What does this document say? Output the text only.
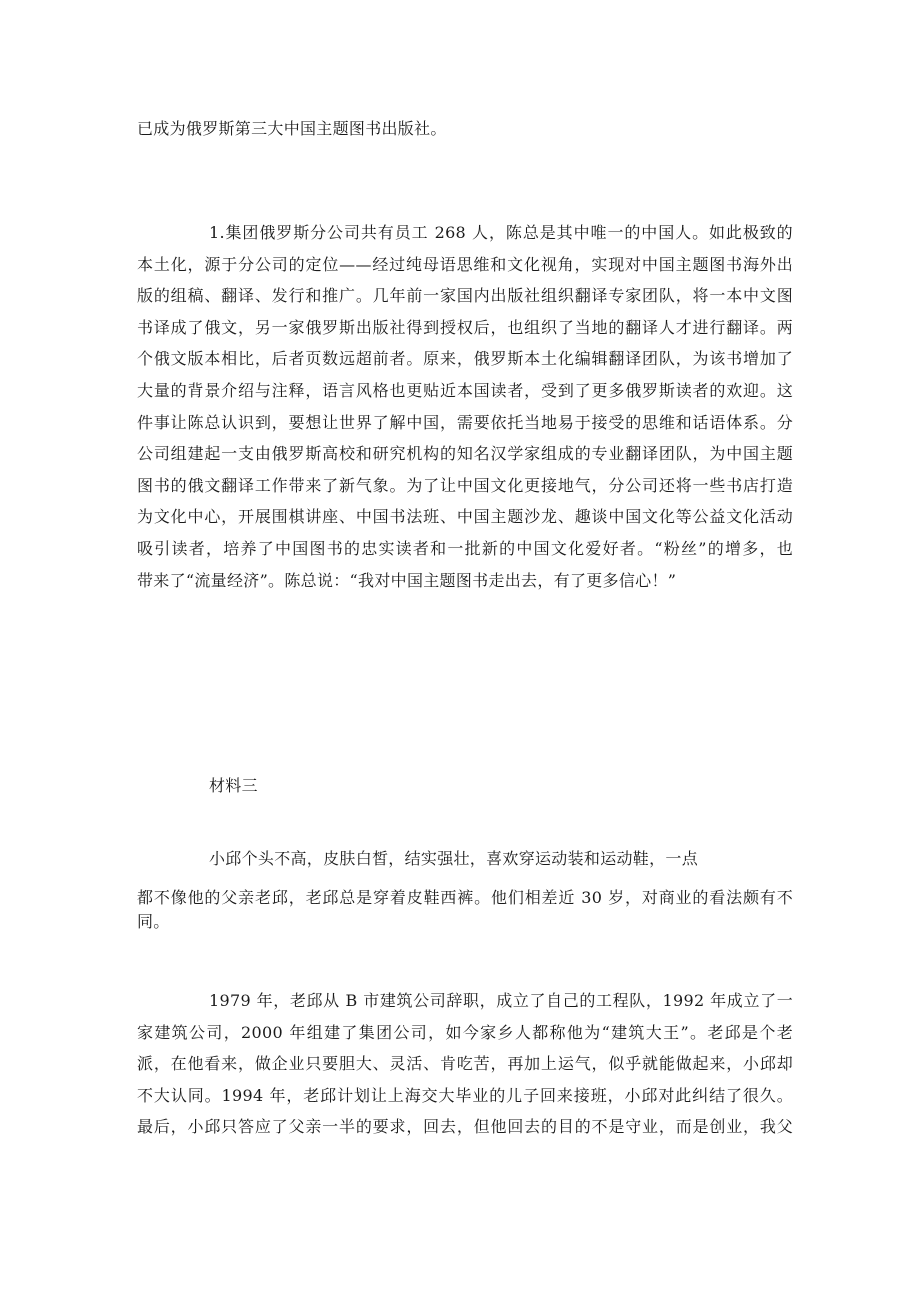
已成为俄罗斯第三大中国主题图书出版社。
1.集团俄罗斯分公司共有员工 268 人，陈总是其中唯一的中国人。如此极致的
本土化，源于分公司的定位——经过纯母语思维和文化视角，实现对中国主题图书海外出
版的组稿、翻译、发行和推广。几年前一家国内出版社组织翻译专家团队，将一本中文图
书译成了俄文，另一家俄罗斯出版社得到授权后，也组织了当地的翻译人才进行翻译。两
个俄文版本相比，后者页数远超前者。原来，俄罗斯本土化编辑翻译团队，为该书增加了
大量的背景介绍与注释，语言风格也更贴近本国读者，受到了更多俄罗斯读者的欢迎。这
件事让陈总认识到，要想让世界了解中国，需要依托当地易于接受的思维和话语体系。分
公司组建起一支由俄罗斯高校和研究机构的知名汉学家组成的专业翻译团队，为中国主题
图书的俄文翻译工作带来了新气象。为了让中国文化更接地气，分公司还将一些书店打造
为文化中心，开展围棋讲座、中国书法班、中国主题沙龙、趣谈中国文化等公益文化活动
吸引读者，培养了中国图书的忠实读者和一批新的中国文化爱好者。“粉丝”的增多，也
带来了“流量经济”。陈总说：“我对中国主题图书走出去，有了更多信心！”
材料三
小邱个头不高，皮肤白皙，结实强壮，喜欢穿运动装和运动鞋，一点
都不像他的父亲老邱，老邱总是穿着皮鞋西裤。他们相差近 30 岁，对商业的看法颇有不
同。
1979 年，老邱从 B 市建筑公司辞职，成立了自己的工程队，1992 年成立了一
家建筑公司，2000 年组建了集团公司，如今家乡人都称他为“建筑大王”。老邱是个老
派，在他看来，做企业只要胆大、灵活、肯吃苦，再加上运气，似乎就能做起来，小邱却
不大认同。1994 年，老邱计划让上海交大毕业的儿子回来接班，小邱对此纠结了很久。
最后，小邱只答应了父亲一半的要求，回去，但他回去的目的不是守业，而是创业，我父
